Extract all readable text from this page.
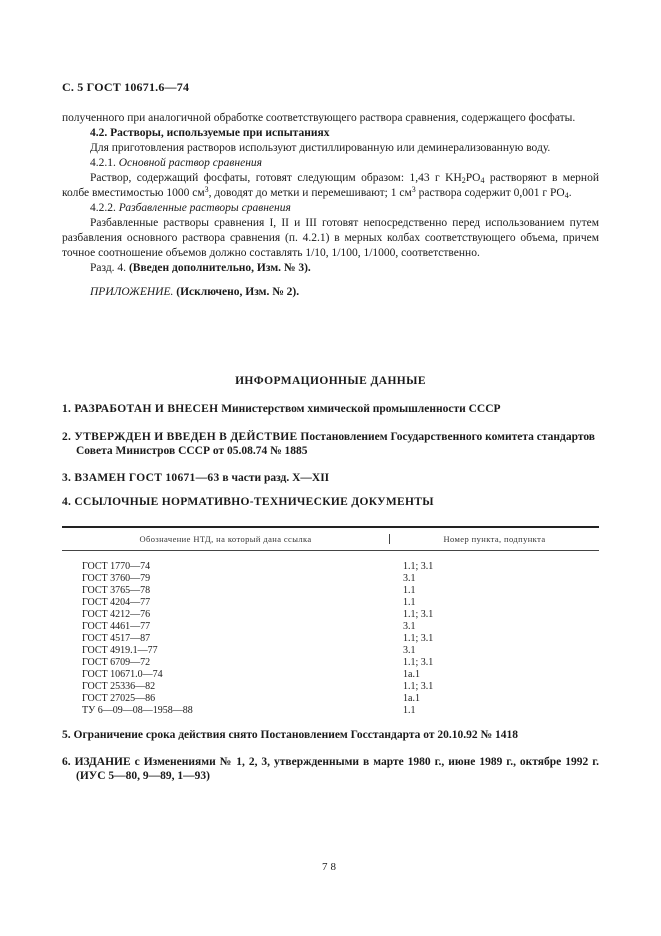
С. 5 ГОСТ 10671.6—74

полученного при аналогичной обработке соответствующего раствора сравнения, содержащего фосфаты.

4.2. Растворы, используемые при испытаниях

Для приготовления растворов используют дистиллированную или деминерализованную воду.

4.2.1. Основной раствор сравнения

Раствор, содержащий фосфаты, готовят следующим образом: 1,43 г $KH_2PO_4$ растворяют в мерной колбе вместимостью 1000 $см^3$, доводят до метки и перемешивают; 1 $см^3$ раствора содержит 0,001 г $PO_4$.

4.2.2. Разбавленные растворы сравнения

Разбавленные растворы сравнения I, II и III готовят непосредственно перед использованием путем разбавления основного раствора сравнения (п. 4.2.1) в мерных колбах соответствующего объема, причем точное соотношение объемов должно составлять 1/10, 1/100, 1/1000, соответственно.

Разд. 4. (Введен дополнительно, Изм. № 3).

ПРИЛОЖЕНИЕ. (Исключено, Изм. № 2).

ИНФОРМАЦИОННЫЕ ДАННЫЕ
1. РАЗРАБОТАН И ВНЕСЕН Министерством химической промышленности СССР
2. УТВЕРЖДЕН И ВВЕДЕН В ДЕЙСТВИЕ Постановлением Государственного комитета стандартов Совета Министров СССР от 05.08.74 № 1885
3. ВЗАМЕН ГОСТ 10671—63 в части разд. X—XII
4. ССЫЛОЧНЫЕ НОРМАТИВНО-ТЕХНИЧЕСКИЕ ДОКУМЕНТЫ
Обозначение НТД, на который дана ссылка	Номер пункта, подпункта
ГОСТ 1770—74
ГОСТ 3760—79
ГОСТ 3765—78
ГОСТ 4204—77
ГОСТ 4212—76
ГОСТ 4461—77
ГОСТ 4517—87
ГОСТ 4919.1—77
ГОСТ 6709—72
ГОСТ 10671.0—74
ГОСТ 25336—82
ГОСТ 27025—86
ТУ 6—09—08—1958—88
1.1; 3.1
3.1
1.1
1.1
1.1; 3.1
3.1
1.1; 3.1
3.1
1.1; 3.1
1а.1
1.1; 3.1
1а.1
1.1
5. Ограничение срока действия снято Постановлением Госстандарта от 20.10.92 № 1418
6. ИЗДАНИЕ с Изменениями № 1, 2, 3, утвержденными в марте 1980 г., июне 1989 г., октябре 1992 г. (ИУС 5—80, 9—89, 1—93)
78
